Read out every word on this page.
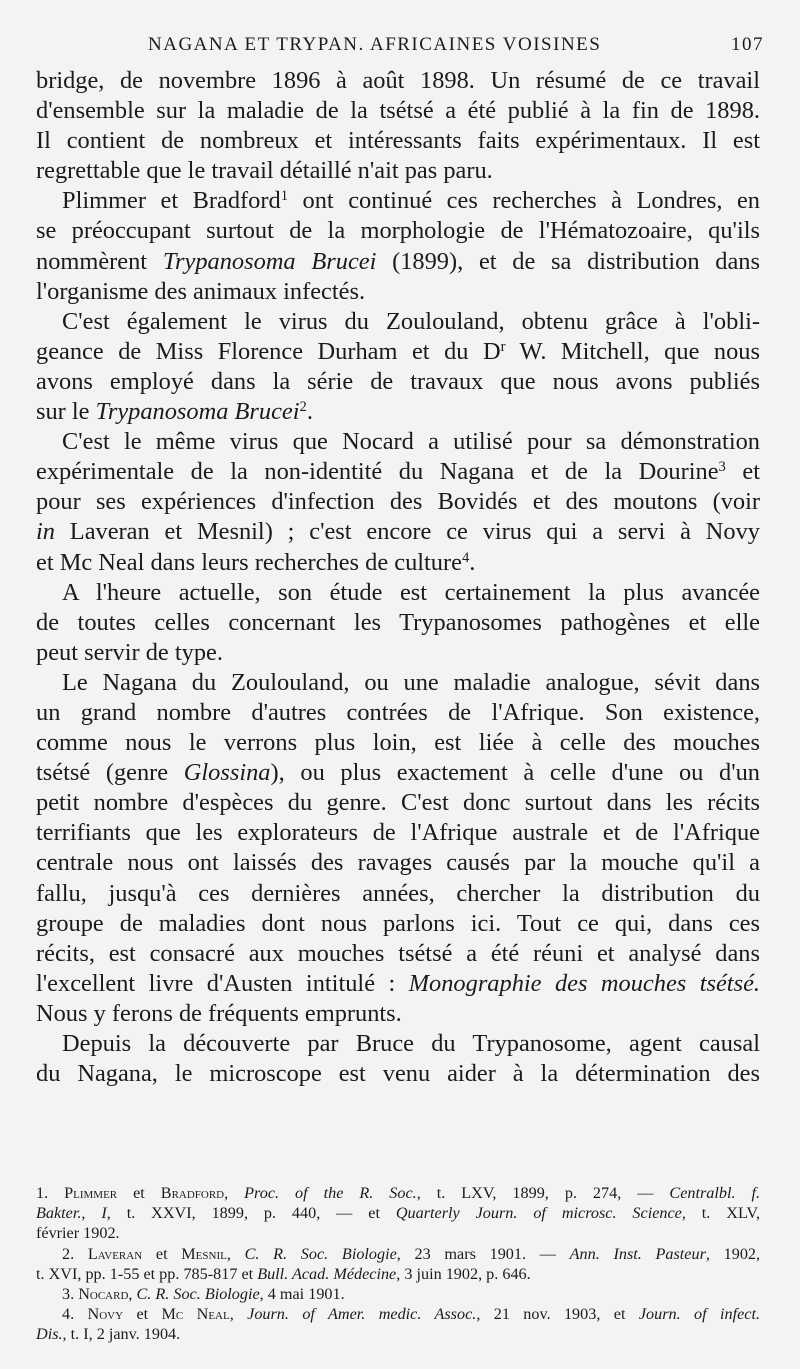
NAGANA ET TRYPAN. AFRICAINES VOISINES	107
bridge, de novembre 1896 à août 1898. Un résumé de ce travail
d'ensemble sur la maladie de la tsétsé a été publié à la fin de 1898.
Il contient de nombreux et intéressants faits expérimentaux. Il est
regrettable que le travail détaillé n'ait pas paru.
Plimmer et Bradford$^1$ ont continué ces recherches à Londres, en
se préoccupant surtout de la morphologie de l'Hématozoaire, qu'ils
nommèrent Trypanosoma Brucei (1899), et de sa distribution dans
l'organisme des animaux infectés.
C'est également le virus du Zoulouland, obtenu grâce à l'obli-
geance de Miss Florence Durham et du $D^r$ W. Mitchell, que nous
avons employé dans la série de travaux que nous avons publiés
sur le Trypanosoma Brucei$^2$.
C'est le même virus que Nocard a utilisé pour sa démonstration
expérimentale de la non-identité du Nagana et de la Dourine$^3$ et
pour ses expériences d'infection des Bovidés et des moutons (voir
in Laveran et Mesnil) ; c'est encore ce virus qui a servi à Novy
et Mc Neal dans leurs recherches de culture$^4$.
A l'heure actuelle, son étude est certainement la plus avancée
de toutes celles concernant les Trypanosomes pathogènes et elle
peut servir de type.
Le Nagana du Zoulouland, ou une maladie analogue, sévit dans
un grand nombre d'autres contrées de l'Afrique. Son existence,
comme nous le verrons plus loin, est liée à celle des mouches
tsétsé (genre Glossina), ou plus exactement à celle d'une ou d'un
petit nombre d'espèces du genre. C'est donc surtout dans les récits
terrifiants que les explorateurs de l'Afrique australe et de l'Afrique
centrale nous ont laissés des ravages causés par la mouche qu'il a
fallu, jusqu'à ces dernières années, chercher la distribution du
groupe de maladies dont nous parlons ici. Tout ce qui, dans ces
récits, est consacré aux mouches tsétsé a été réuni et analysé dans
l'excellent livre d'Austen intitulé : Monographie des mouches tsétsé.
Nous y ferons de fréquents emprunts.
Depuis la découverte par Bruce du Trypanosome, agent causal
du Nagana, le microscope est venu aider à la détermination des
1. Plimmer et Bradford, Proc. of the R. Soc., t. LXV, 1899, p. 274, — Centralbl. f.
Bakter., I, t. XXVI, 1899, p. 440, — et Quarterly Journ. of microsc. Science, t. XLV,
février 1902.
2. Laveran et Mesnil, C. R. Soc. Biologie, 23 mars 1901. — Ann. Inst. Pasteur, 1902,
t. XVI, pp. 1-55 et pp. 785-817 et Bull. Acad. Médecine, 3 juin 1902, p. 646.
3. Nocard, C. R. Soc. Biologie, 4 mai 1901.
4. Novy et Mc Neal, Journ. of Amer. medic. Assoc., 21 nov. 1903, et Journ. of infect.
Dis., t. I, 2 janv. 1904.
